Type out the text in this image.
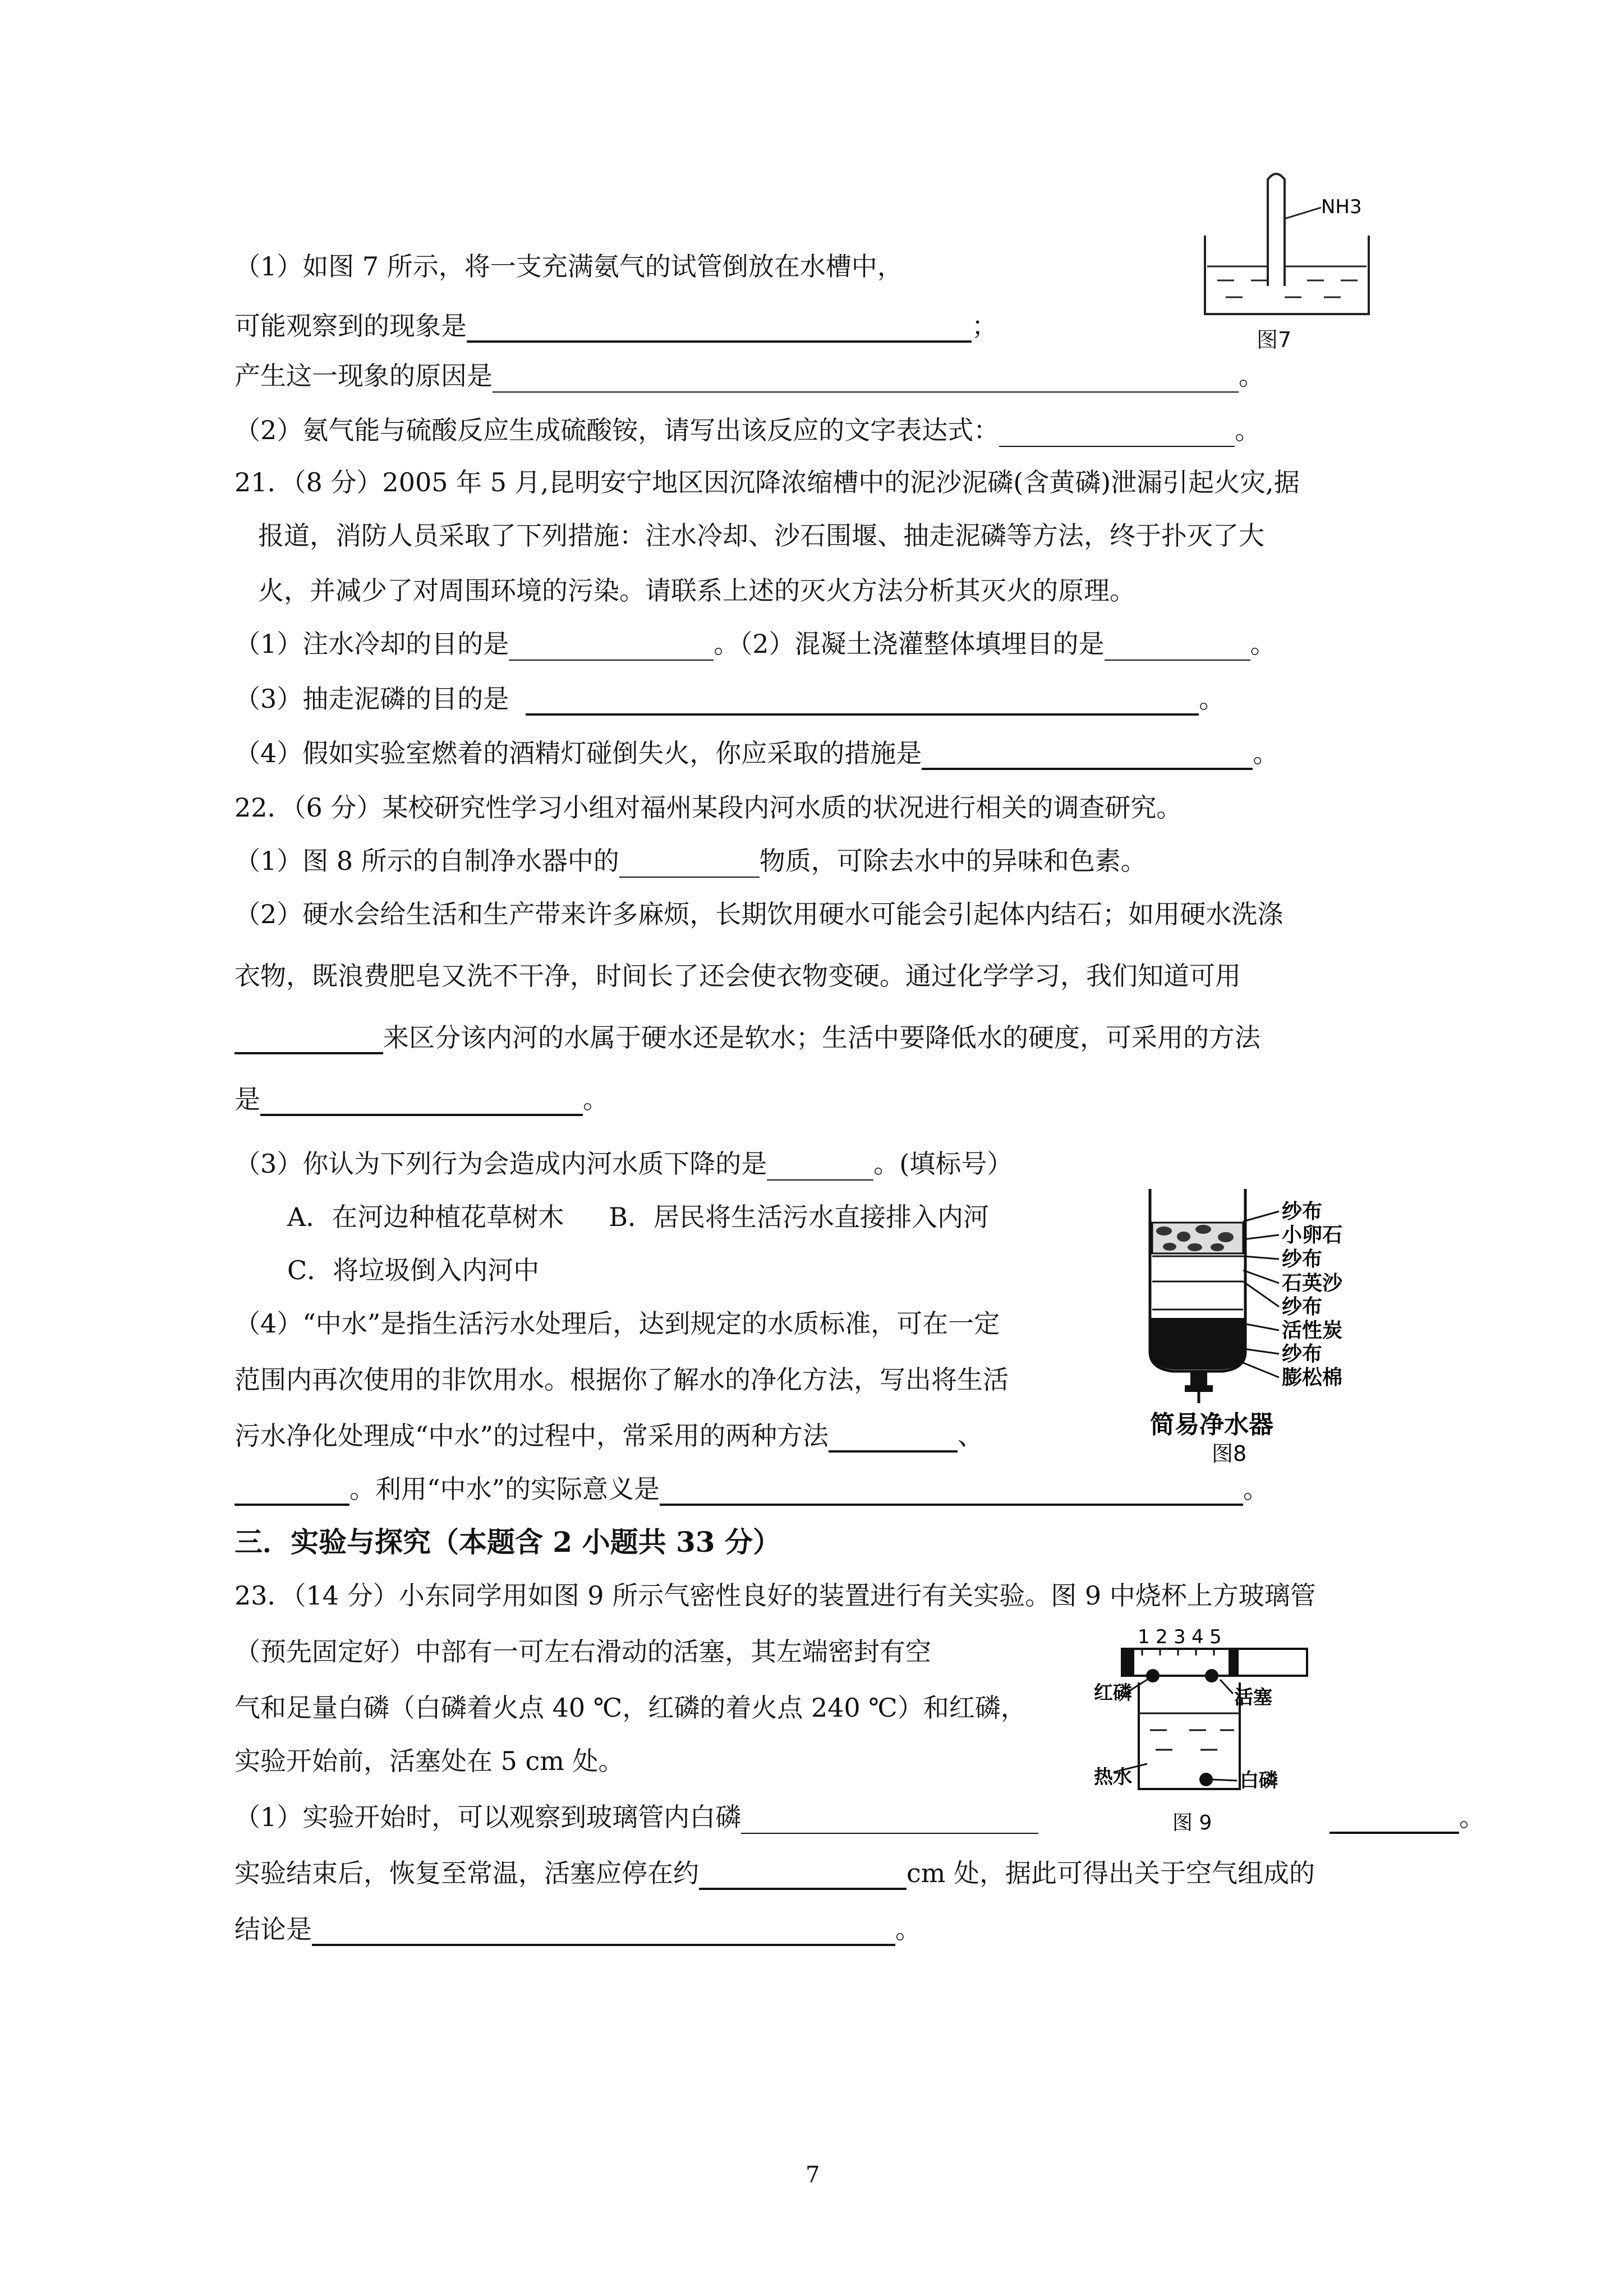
（1）如图 7 所示，将一支充满氨气的试管倒放在水槽中，
可能观察到的现象是	；
产生这一现象的原因是	。
（2）氨气能与硫酸反应生成硫酸铵，请写出该反应的文字表达式：	。
NH3
图7
21．（8 分）2005 年 5 月,昆明安宁地区因沉降浓缩槽中的泥沙泥磷(含黄磷)泄漏引起火灾,据
报道，消防人员采取了下列措施：注水冷却、沙石围堰、抽走泥磷等方法，终于扑灭了大
火，并减少了对周围环境的污染。请联系上述的灭火方法分析其灭火的原理。
（1）注水冷却的目的是	。（2）混凝土浇灌整体填埋目的是	。
（3）抽走泥磷的目的是	。
（4）假如实验室燃着的酒精灯碰倒失火，你应采取的措施是	。
22．（6 分）某校研究性学习小组对福州某段内河水质的状况进行相关的调查研究。
（1）图 8 所示的自制净水器中的	物质，可除去水中的异味和色素。
（2）硬水会给生活和生产带来许多麻烦，长期饮用硬水可能会引起体内结石；如用硬水洗涤
衣物，既浪费肥皂又洗不干净，时间长了还会使衣物变硬。通过化学学习，我们知道可用
来区分该内河的水属于硬水还是软水；生活中要降低水的硬度，可采用的方法
是	。
（3）你认为下列行为会造成内河水质下降的是	。(填标号）
A．在河边种植花草树木 B．居民将生活污水直接排入内河
C．将垃圾倒入内河中
（4）“中水”是指生活污水处理后，达到规定的水质标准，可在一定
范围内再次使用的非饮用水。根据你了解水的净化方法，写出将生活
污水净化处理成“中水”的过程中，常采用的两种方法	、
。利用“中水”的实际意义是	。
纱布
小卵石
纱布
石英沙
纱布
活性炭
纱布
膨松棉
简易净水器
图8
三．实验与探究（本题含 2 小题共 33 分）
23．（14 分）小东同学用如图 9 所示气密性良好的装置进行有关实验。图 9 中烧杯上方玻璃管
（预先固定好）中部有一可左右滑动的活塞，其左端密封有空
气和足量白磷（白磷着火点 40 ℃，红磷的着火点 240 ℃）和红磷，
实验开始前，活塞处在 5 cm 处。
（1）实验开始时，可以观察到玻璃管内白磷	。
实验结束后，恢复至常温，活塞应停在约	cm 处，据此可得出关于空气组成的
结论是	。
1 2 3 4 5
红磷	活塞
热水	白磷
图 9
7
